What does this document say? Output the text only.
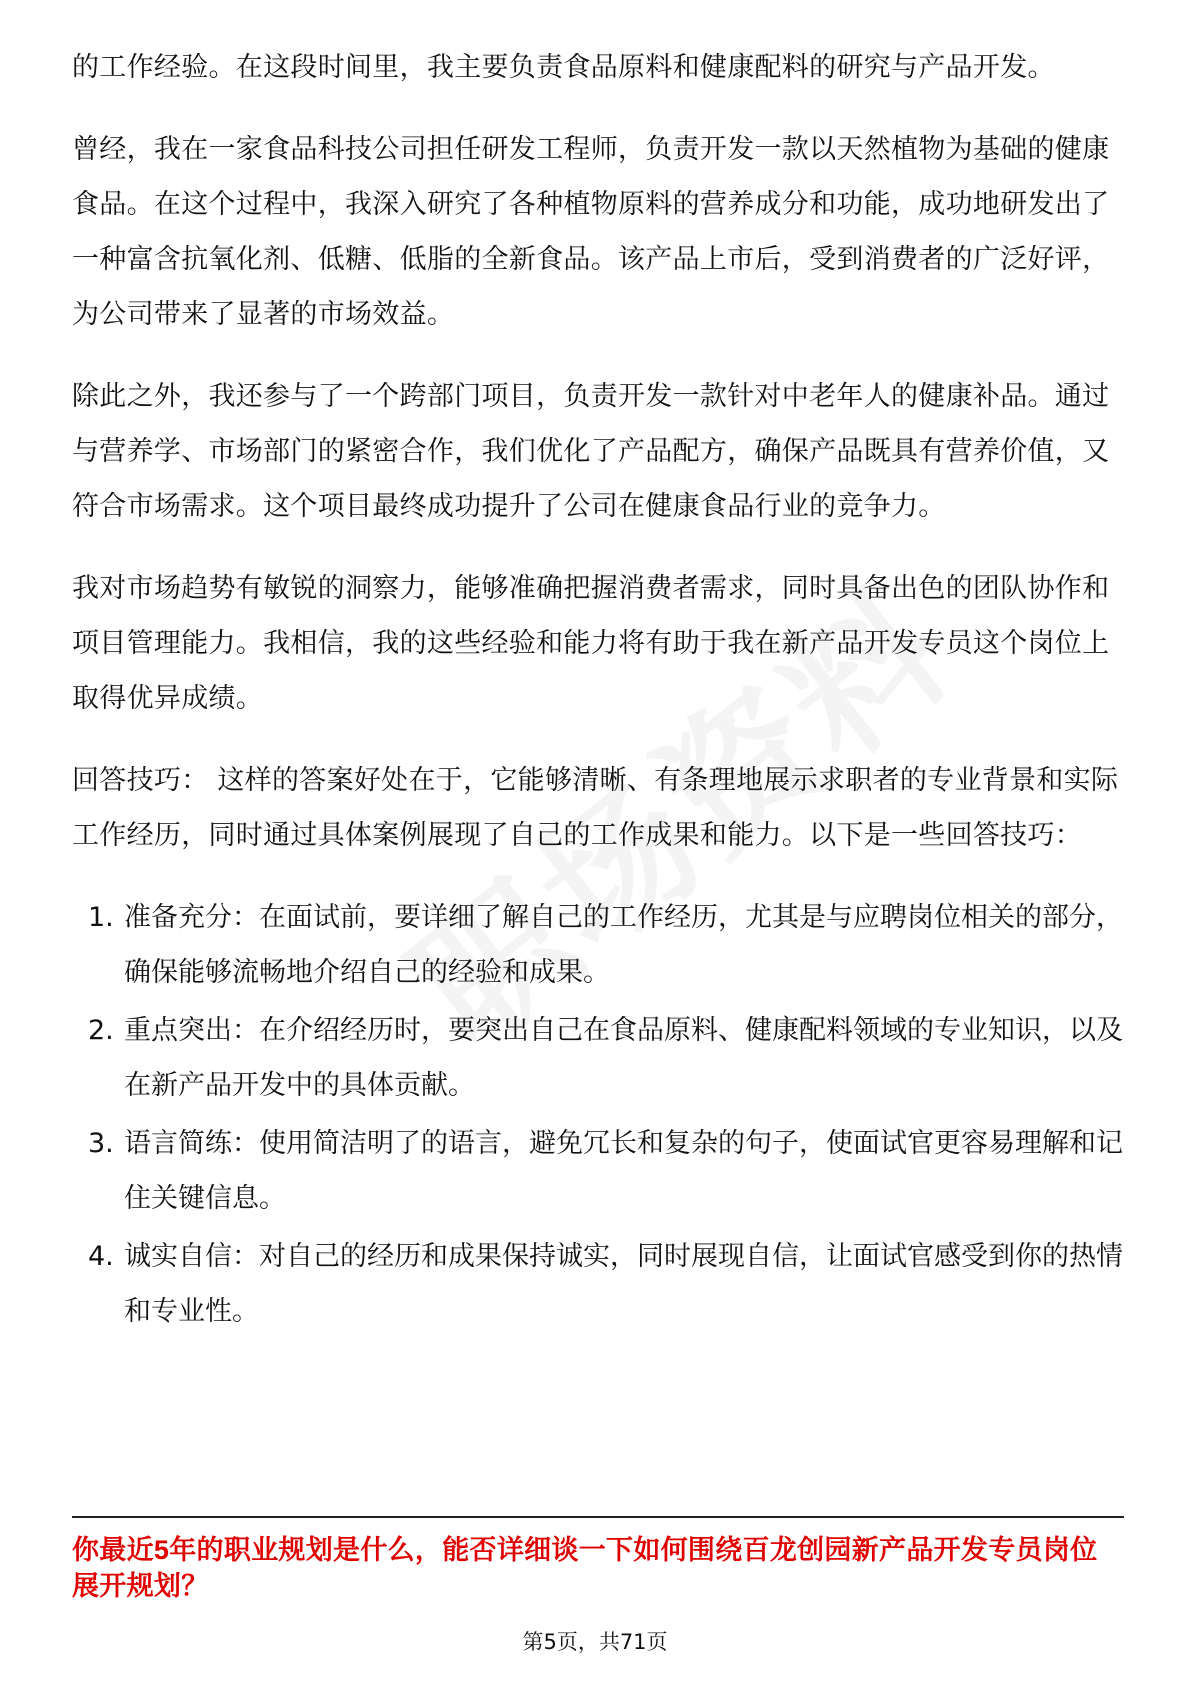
的工作经验。在这段时间里，我主要负责食品原料和健康配料的研究与产品开发。

曾经，我在一家食品科技公司担任研发工程师，负责开发一款以天然植物为基础的健康食品。在这个过程中，我深入研究了各种植物原料的营养成分和功能，成功地研发出了一种富含抗氧化剂、低糖、低脂的全新食品。该产品上市后，受到消费者的广泛好评，为公司带来了显著的市场效益。

除此之外，我还参与了一个跨部门项目，负责开发一款针对中老年人的健康补品。通过与营养学、市场部门的紧密合作，我们优化了产品配方，确保产品既具有营养价值，又符合市场需求。这个项目最终成功提升了公司在健康食品行业的竞争力。

我对市场趋势有敏锐的洞察力，能够准确把握消费者需求，同时具备出色的团队协作和项目管理能力。我相信，我的这些经验和能力将有助于我在新产品开发专员这个岗位上取得优异成绩。

回答技巧： 这样的答案好处在于，它能够清晰、有条理地展示求职者的专业背景和实际工作经历，同时通过具体案例展现了自己的工作成果和能力。以下是一些回答技巧：

1. 准备充分：在面试前，要详细了解自己的工作经历，尤其是与应聘岗位相关的部分，确保能够流畅地介绍自己的经验和成果。
2. 重点突出：在介绍经历时，要突出自己在食品原料、健康配料领域的专业知识，以及在新产品开发中的具体贡献。
3. 语言简练：使用简洁明了的语言，避免冗长和复杂的句子，使面试官更容易理解和记住关键信息。
4. 诚实自信：对自己的经历和成果保持诚实，同时展现自信，让面试官感受到你的热情和专业性。
你最近5年的职业规划是什么，能否详细谈一下如何围绕百龙创园新产品开发专员岗位展开规划？
第5页，共71页
